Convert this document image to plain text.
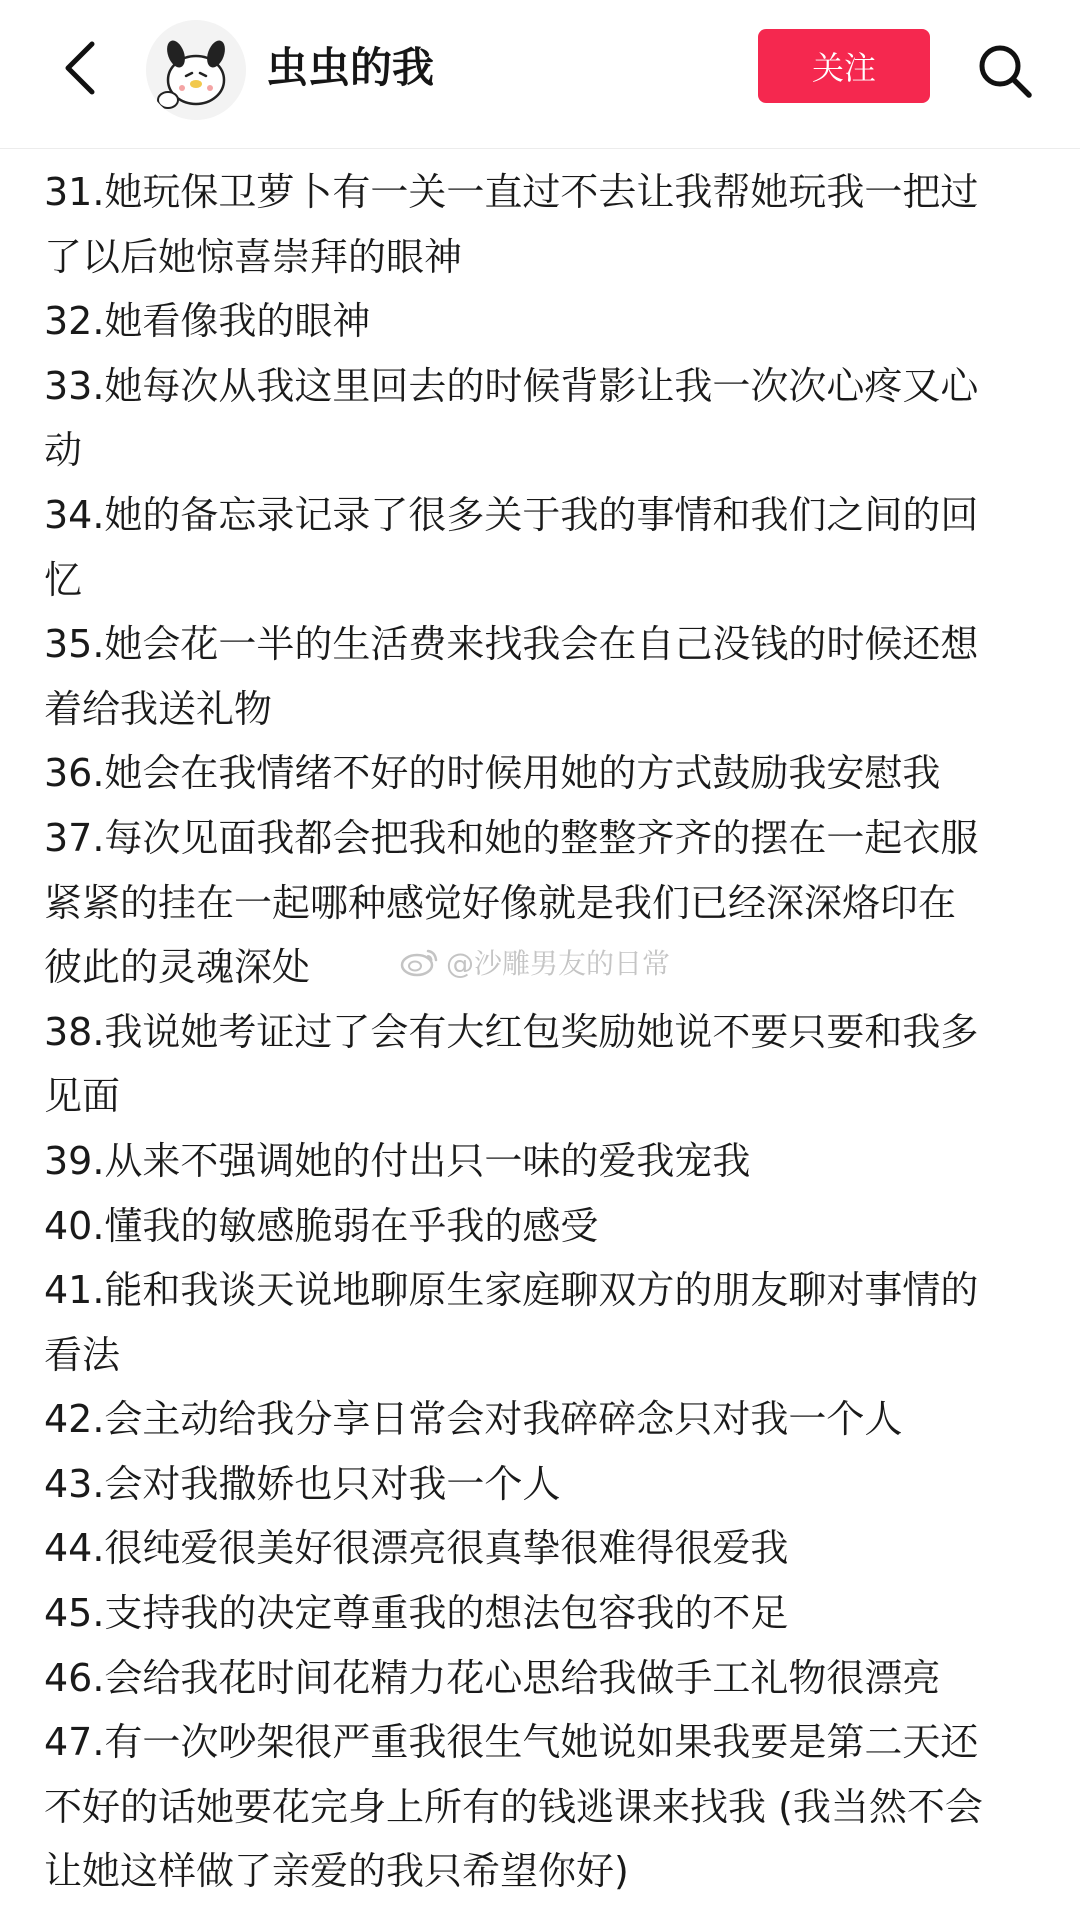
虫虫的我	关注
31.她玩保卫萝卜有一关一直过不去让我帮她玩我一把过
了以后她惊喜崇拜的眼神
32.她看像我的眼神
33.她每次从我这里回去的时候背影让我一次次心疼又心
动
34.她的备忘录记录了很多关于我的事情和我们之间的回
忆
35.她会花一半的生活费来找我会在自己没钱的时候还想
着给我送礼物
36.她会在我情绪不好的时候用她的方式鼓励我安慰我
37.每次见面我都会把我和她的整整齐齐的摆在一起衣服
紧紧的挂在一起哪种感觉好像就是我们已经深深烙印在
彼此的灵魂深处
38.我说她考证过了会有大红包奖励她说不要只要和我多
见面
39.从来不强调她的付出只一味的爱我宠我
40.懂我的敏感脆弱在乎我的感受
41.能和我谈天说地聊原生家庭聊双方的朋友聊对事情的
看法
42.会主动给我分享日常会对我碎碎念只对我一个人
43.会对我撒娇也只对我一个人
44.很纯爱很美好很漂亮很真挚很难得很爱我
45.支持我的决定尊重我的想法包容我的不足
46.会给我花时间花精力花心思给我做手工礼物很漂亮
47.有一次吵架很严重我很生气她说如果我要是第二天还
不好的话她要花完身上所有的钱逃课来找我 (我当然不会
让她这样做了亲爱的我只希望你好)
@沙雕男友的日常
